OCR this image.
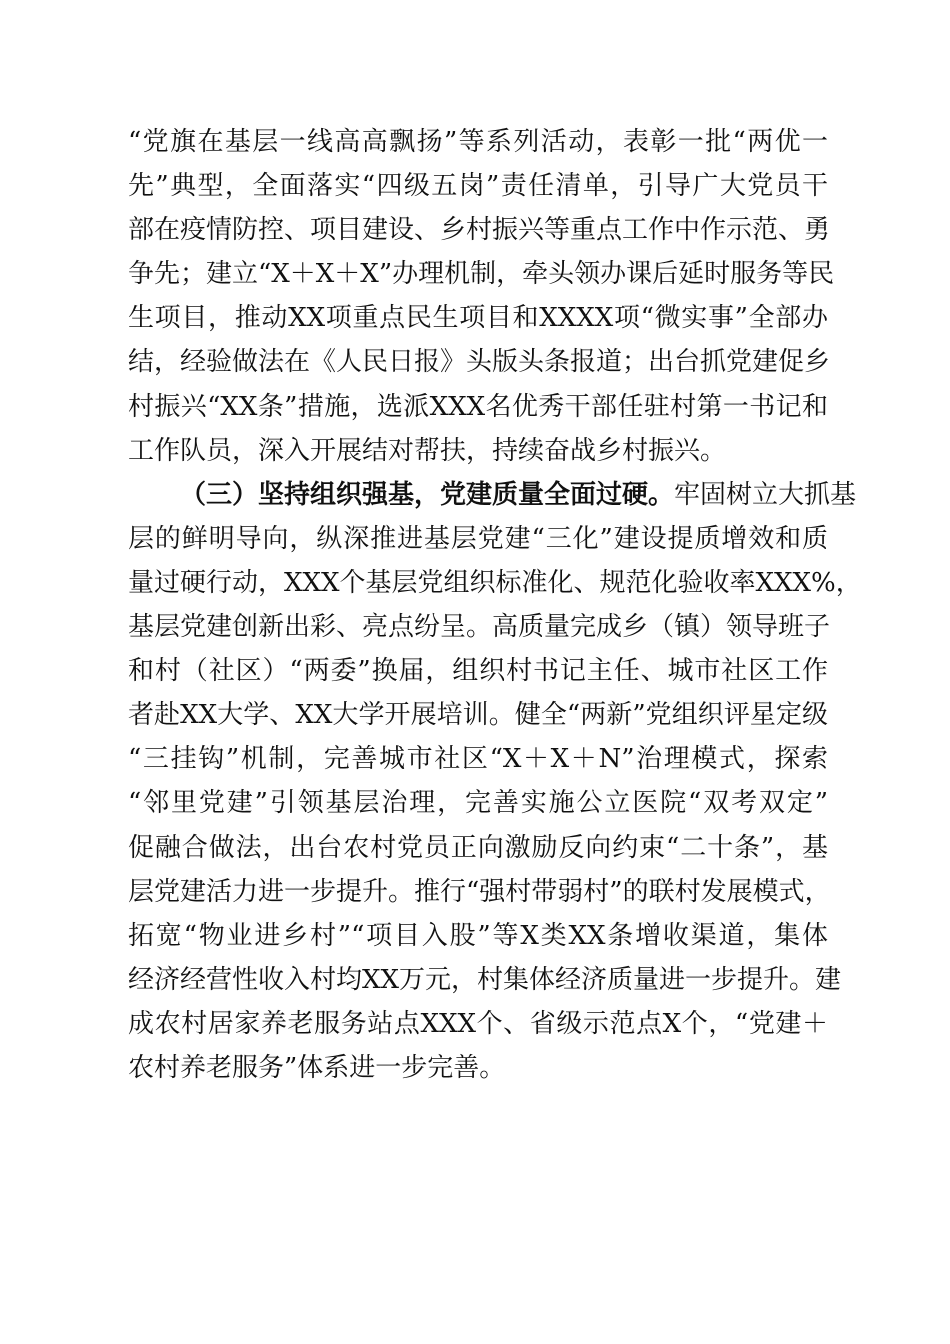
“党旗在基层一线高高飘扬”等系列活动，表彰一批“两优一
先”典型，全面落实“四级五岗”责任清单，引导广大党员干
部在疫情防控、项目建设、乡村振兴等重点工作中作示范、勇
争先；建立“X＋X＋X”办理机制，牵头领办课后延时服务等民
生项目，推动XX项重点民生项目和XXXX项“微实事”全部办
结，经验做法在《人民日报》头版头条报道；出台抓党建促乡
村振兴“XX条”措施，选派XXX名优秀干部任驻村第一书记和
工作队员，深入开展结对帮扶，持续奋战乡村振兴。
（三）坚持组织强基，党建质量全面过硬。牢固树立大抓基
层的鲜明导向，纵深推进基层党建“三化”建设提质增效和质
量过硬行动，XXX个基层党组织标准化、规范化验收率XXX%，
基层党建创新出彩、亮点纷呈。高质量完成乡（镇）领导班子
和村（社区）“两委”换届，组织村书记主任、城市社区工作
者赴XX大学、XX大学开展培训。健全“两新”党组织评星定级
“三挂钩”机制，完善城市社区“X＋X＋N”治理模式，探索
“邻里党建”引领基层治理，完善实施公立医院“双考双定”
促融合做法，出台农村党员正向激励反向约束“二十条”，基
层党建活力进一步提升。推行“强村带弱村”的联村发展模式，
拓宽“物业进乡村”“项目入股”等X类XX条增收渠道，集体
经济经营性收入村均XX万元，村集体经济质量进一步提升。建
成农村居家养老服务站点XXX个、省级示范点X个，“党建＋
农村养老服务”体系进一步完善。
